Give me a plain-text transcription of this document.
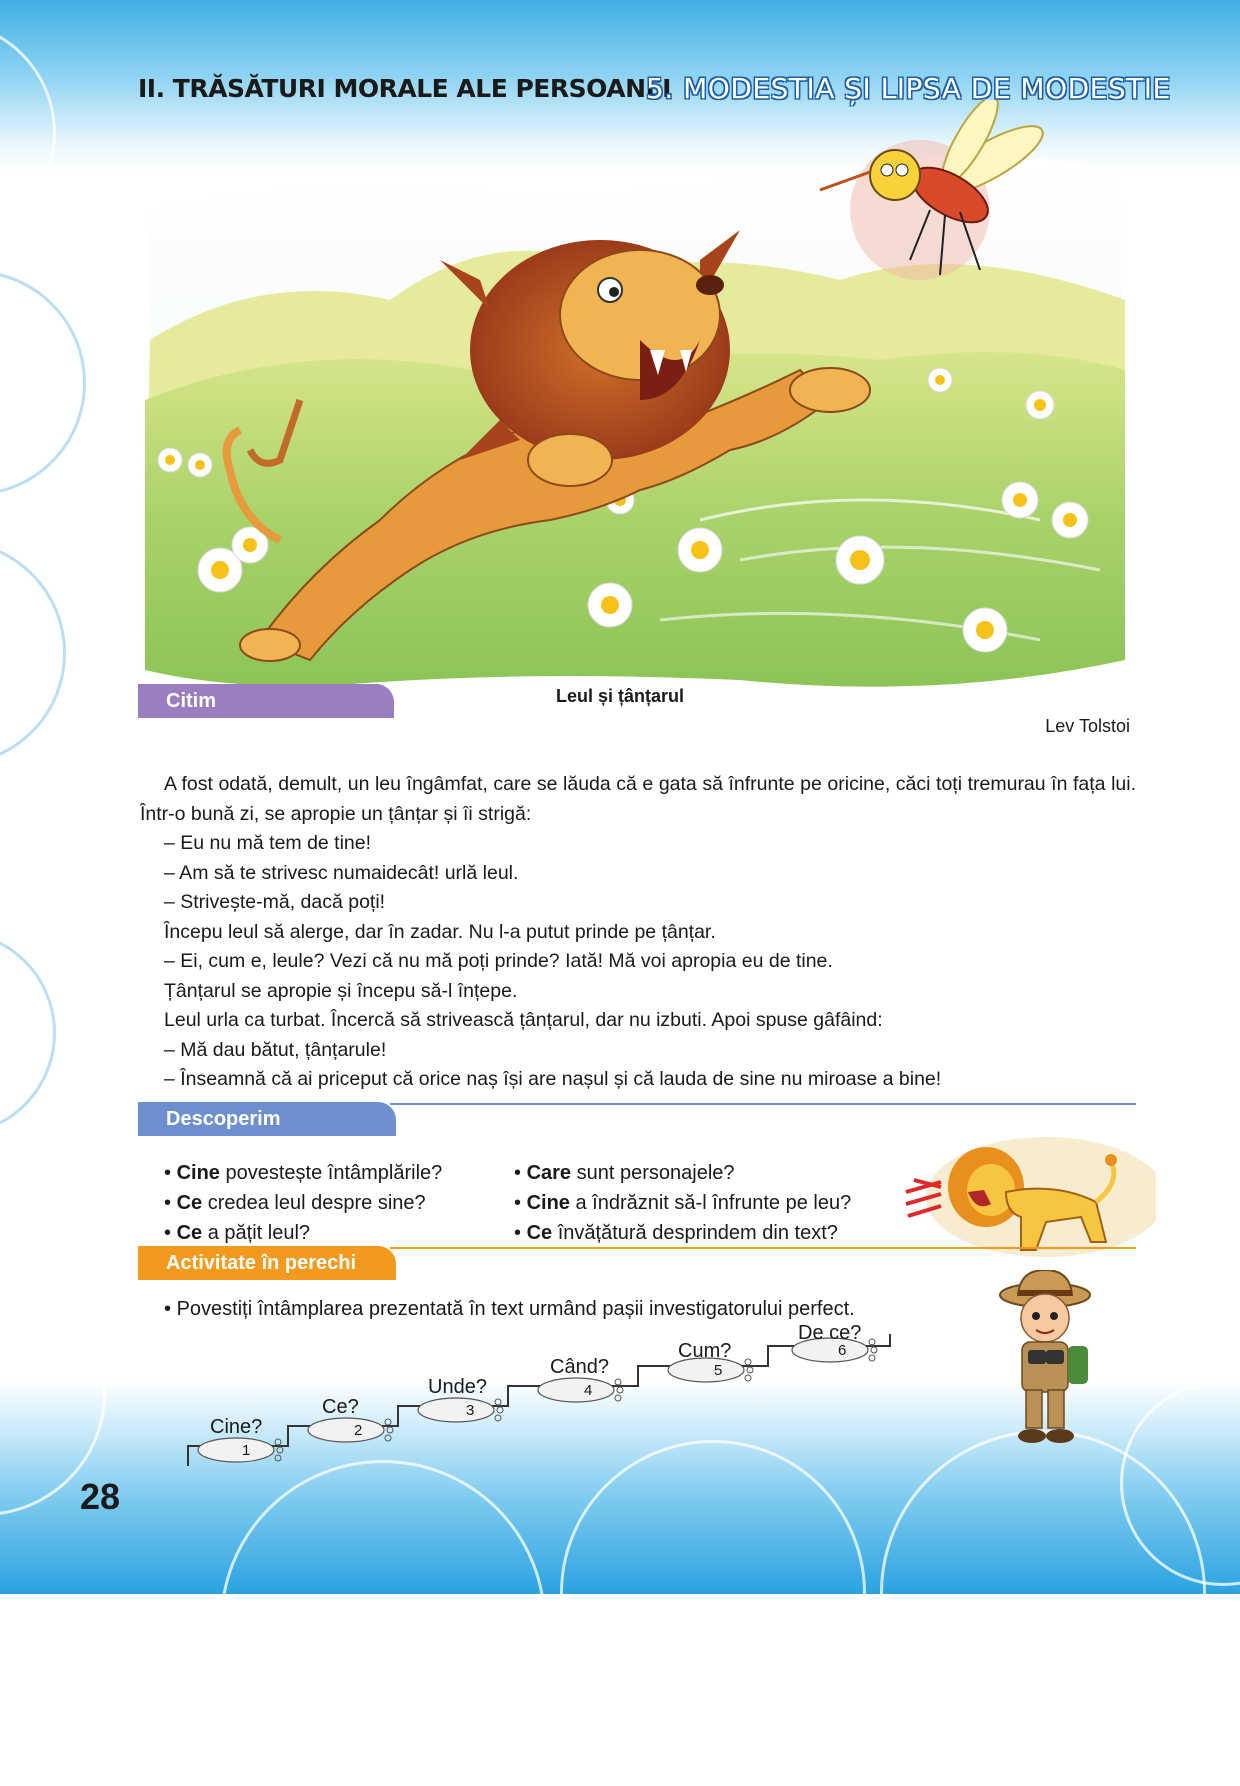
II. TRĂSĂTURI MORALE ALE PERSOANEI
5. MODESTIA ȘI LIPSA DE MODESTIE
Citim	Leul și țânțarul
Lev Tolstoi

A fost odată, demult, un leu îngâmfat, care se lăuda că e gata să înfrunte pe oricine, căci toți tremurau în fața lui. Într-o bună zi, se apropie un țânțar și îi strigă:

– Eu nu mă tem de tine!

– Am să te strivesc numaidecât! urlă leul.

– Strivește-mă, dacă poți!

Începu leul să alerge, dar în zadar. Nu l-a putut prinde pe țânțar.

– Ei, cum e, leule? Vezi că nu mă poți prinde? Iată! Mă voi apropia eu de tine.

Țânțarul se apropie și începu să-l înțepe.

Leul urla ca turbat. Încercă să strivească țânțarul, dar nu izbuti. Apoi spuse gâfâind:

– Mă dau bătut, țânțarule!

– Înseamnă că ai priceput că orice naș își are nașul și că lauda de sine nu miroase a bine!

Descoperim
• Cine povestește întâmplările?
• Ce credea leul despre sine?
• Ce a pățit leul?
• Care sunt personajele?
• Cine a îndrăznit să-l înfrunte pe leu?
• Ce învățătură desprindem din text?
Activitate în perechi
• Povestiți întâmplarea prezentată în text urmând pașii investigatorului perfect.
Cine?
Ce?
Unde?
Când?
Cum?
De ce?
1
2
3
4
5
6
28
